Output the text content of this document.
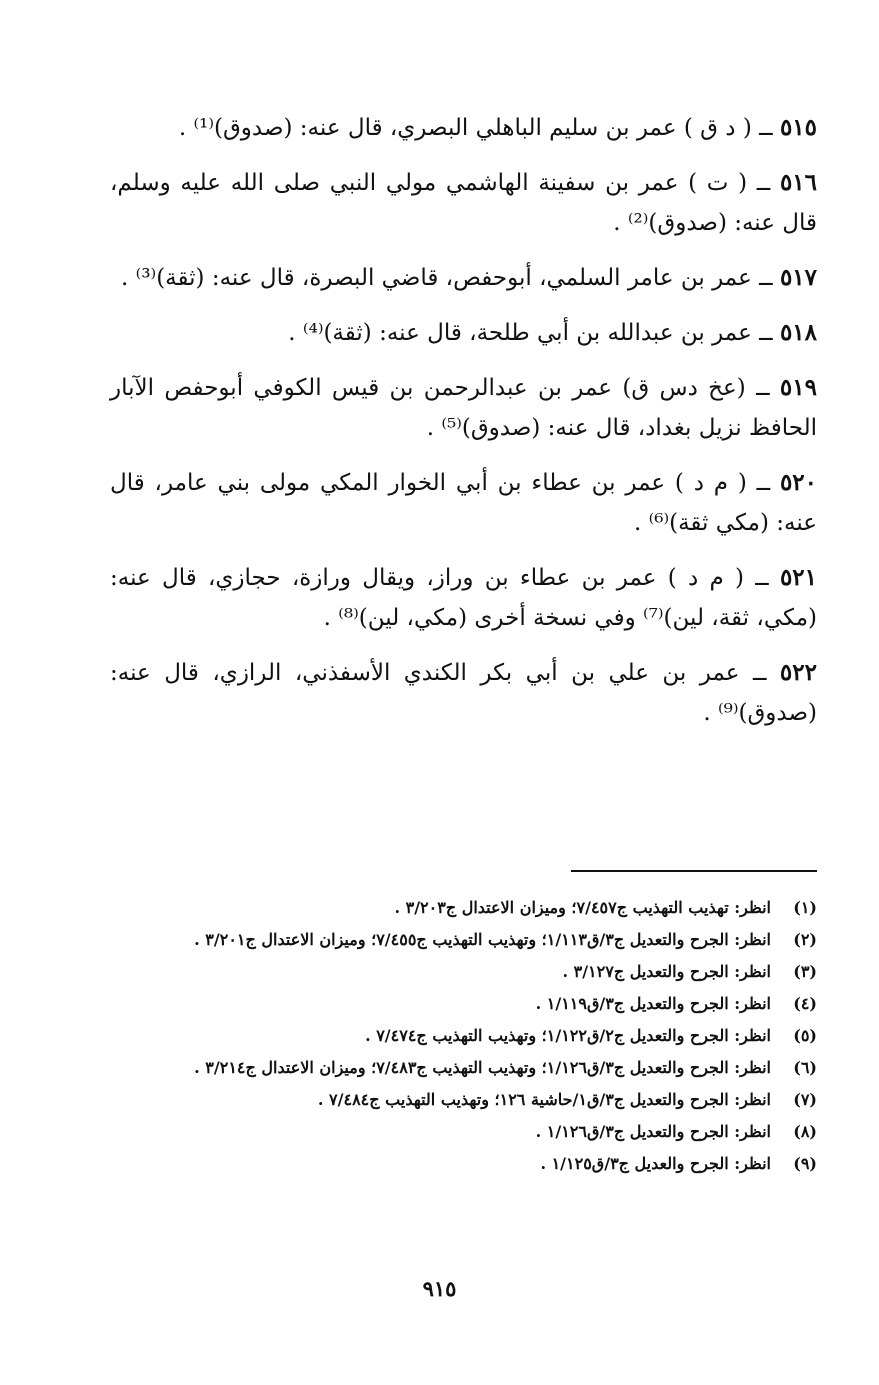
٥١٥ ــ ( د ق ) عمر بن سليم الباهلي البصري، قال عنه: (صدوق)⁽¹⁾ .
٥١٦ ــ ( ت ) عمر بن سفينة الهاشمي مولي النبي صلى الله عليه وسلم، قال عنه: (صدوق)⁽²⁾ .
٥١٧ ــ عمر بن عامر السلمي، أبوحفص، قاضي البصرة، قال عنه: (ثقة)⁽³⁾ .
٥١٨ ــ عمر بن عبدالله بن أبي طلحة، قال عنه: (ثقة)⁽⁴⁾ .
٥١٩ ــ (عخ دس ق) عمر بن عبدالرحمن بن قيس الكوفي أبوحفص الآبار الحافظ نزيل بغداد، قال عنه: (صدوق)⁽⁵⁾ .
٥٢٠ ــ ( م د ) عمر بن عطاء بن أبي الخوار المكي مولى بني عامر، قال عنه: (مكي ثقة)⁽⁶⁾ .
٥٢١ ــ ( م د ) عمر بن عطاء بن وراز، ويقال ورازة، حجازي، قال عنه: (مكي، ثقة، لين)⁽⁷⁾ وفي نسخة أخرى (مكي، لين)⁽⁸⁾ .
٥٢٢ ــ عمر بن علي بن أبي بكر الكندي الأسفذني، الرازي، قال عنه: (صدوق)⁽⁹⁾ .
(١)
انظر: تهذيب التهذيب ج٧/٤٥٧؛ وميزان الاعتدال ج٣/٢٠٣ .
(٢)
انظر: الجرح والتعديل ج٣/ق١/١١٣؛ وتهذيب التهذيب ج٧/٤٥٥؛ وميزان الاعتدال ج٣/٢٠١ .
(٣)
انظر: الجرح والتعديل ج٣/١٢٧ .
(٤)
انظر: الجرح والتعديل ج٣/ق١/١١٩ .
(٥)
انظر: الجرح والتعديل ج٢/ق١/١٢٢؛ وتهذيب التهذيب ج٧/٤٧٤ .
(٦)
انظر: الجرح والتعديل ج٣/ق١/١٢٦؛ وتهذيب التهذيب ج٧/٤٨٣؛ وميزان الاعتدال ج٣/٢١٤ .
(٧)
انظر: الجرح والتعديل ج٣/ق١/حاشية ١٢٦؛ وتهذيب التهذيب ج٧/٤٨٤ .
(٨)
انظر: الجرح والتعديل ج٣/ق١/١٢٦ .
(٩)
انظر: الجرح والعديل ج٣/ق١/١٢٥ .
٩١٥
